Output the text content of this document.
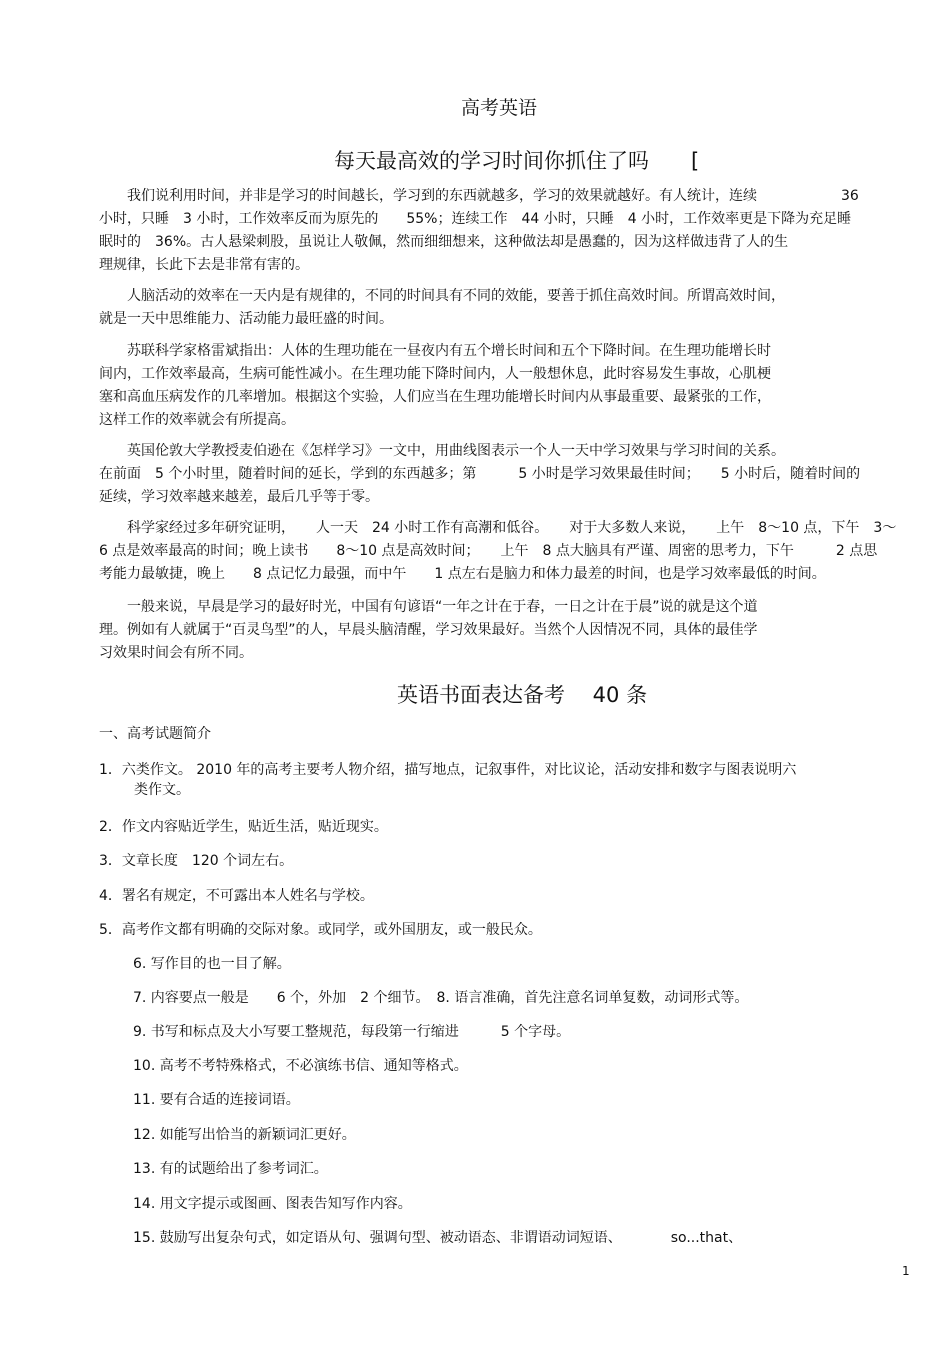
高考英语
每天最高效的学习时间你抓住了吗　　[
　　我们说利用时间，并非是学习的时间越长，学习到的东西就越多，学习的效果就越好。有人统计，连续　　　　　　36
小时，只睡　3 小时，工作效率反而为原先的　　55%；连续工作　44 小时，只睡　4 小时，工作效率更是下降为充足睡
眠时的　36%。古人悬梁刺股，虽说让人敬佩，然而细细想来，这种做法却是愚蠢的，因为这样做违背了人的生
理规律，长此下去是非常有害的。
　　人脑活动的效率在一天内是有规律的，不同的时间具有不同的效能，要善于抓住高效时间。所谓高效时间，
就是一天中思维能力、活动能力最旺盛的时间。
　　苏联科学家格雷斌指出：人体的生理功能在一昼夜内有五个增长时间和五个下降时间。在生理功能增长时
间内，工作效率最高，生病可能性减小。在生理功能下降时间内，人一般想休息，此时容易发生事故，心肌梗
塞和高血压病发作的几率增加。根据这个实验，人们应当在生理功能增长时间内从事最重要、最紧张的工作，
这样工作的效率就会有所提高。
　　英国伦敦大学教授麦伯逊在《怎样学习》一文中，用曲线图表示一个人一天中学习效果与学习时间的关系。
在前面　5 个小时里，随着时间的延长，学到的东西越多；第　　　5 小时是学习效果最佳时间；　　5 小时后，随着时间的
延续，学习效率越来越差，最后几乎等于零。
　　科学家经过多年研究证明，　　人一天　24 小时工作有高潮和低谷。　　对于大多数人来说，　　上午　8～10 点，下午　3～
6 点是效率最高的时间；晚上读书　　8～10 点是高效时间；　　上午　8 点大脑具有严谨、周密的思考力，下午　　　2 点思
考能力最敏捷，晚上　　8 点记忆力最强，而中午　　1 点左右是脑力和体力最差的时间，也是学习效率最低的时间。
　　一般来说，早晨是学习的最好时光，中国有句谚语“一年之计在于春，一日之计在于晨”说的就是这个道
理。例如有人就属于“百灵鸟型”的人，早晨头脑清醒，学习效果最好。当然个人因情况不同，具体的最佳学
习效果时间会有所不同。
英语书面表达备考　 40 条
一、高考试题简介
1．六类作文。 2010 年的高考主要考人物介绍，描写地点，记叙事件，对比议论，活动安排和数字与图表说明六
类作文。
2．作文内容贴近学生，贴近生活，贴近现实。
3．文章长度　120 个词左右。
4．署名有规定，不可露出本人姓名与学校。
5．高考作文都有明确的交际对象。或同学，或外国朋友，或一般民众。
6. 写作目的也一目了解。
7. 内容要点一般是　　6 个，外加　2 个细节。　8. 语言准确，首先注意名词单复数，动词形式等。
9. 书写和标点及大小写要工整规范，每段第一行缩进　　　5 个字母。
10. 高考不考特殊格式，不必演练书信、通知等格式。
11. 要有合适的连接词语。
12. 如能写出恰当的新颖词汇更好。
13. 有的试题给出了参考词汇。
14. 用文字提示或图画、图表告知写作内容。
15. 鼓励写出复杂句式，如定语从句、强调句型、被动语态、非谓语动词短语、　　　　so...that、
1
